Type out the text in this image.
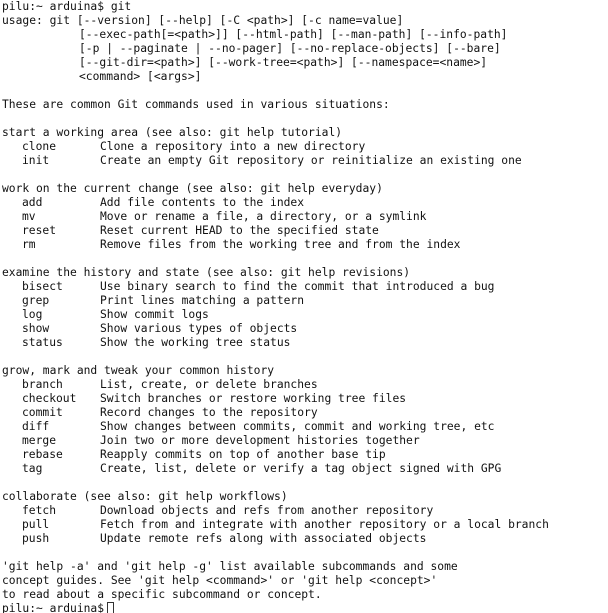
pilu:~ arduina$ git
usage: git [--version] [--help] [-C <path>] [-c name=value]
[--exec-path[=<path>]] [--html-path] [--man-path] [--info-path]
[-p | --paginate | --no-pager] [--no-replace-objects] [--bare]
[--git-dir=<path>] [--work-tree=<path>] [--namespace=<name>]
<command> [<args>]
These are common Git commands used in various situations:
start a working area (see also: git help tutorial)
clone	Clone a repository into a new directory
init	Create an empty Git repository or reinitialize an existing one
work on the current change (see also: git help everyday)
add	Add file contents to the index
mv	Move or rename a file, a directory, or a symlink
reset	Reset current HEAD to the specified state
rm	Remove files from the working tree and from the index
examine the history and state (see also: git help revisions)
bisect	Use binary search to find the commit that introduced a bug
grep	Print lines matching a pattern
log	Show commit logs
show	Show various types of objects
status	Show the working tree status
grow, mark and tweak your common history
branch	List, create, or delete branches
checkout	Switch branches or restore working tree files
commit	Record changes to the repository
diff	Show changes between commits, commit and working tree, etc
merge	Join two or more development histories together
rebase	Reapply commits on top of another base tip
tag	Create, list, delete or verify a tag object signed with GPG
collaborate (see also: git help workflows)
fetch	Download objects and refs from another repository
pull	Fetch from and integrate with another repository or a local branch
push	Update remote refs along with associated objects
'git help -a' and 'git help -g' list available subcommands and some
concept guides. See 'git help <command>' or 'git help <concept>'
to read about a specific subcommand or concept.
pilu:~ arduina$
